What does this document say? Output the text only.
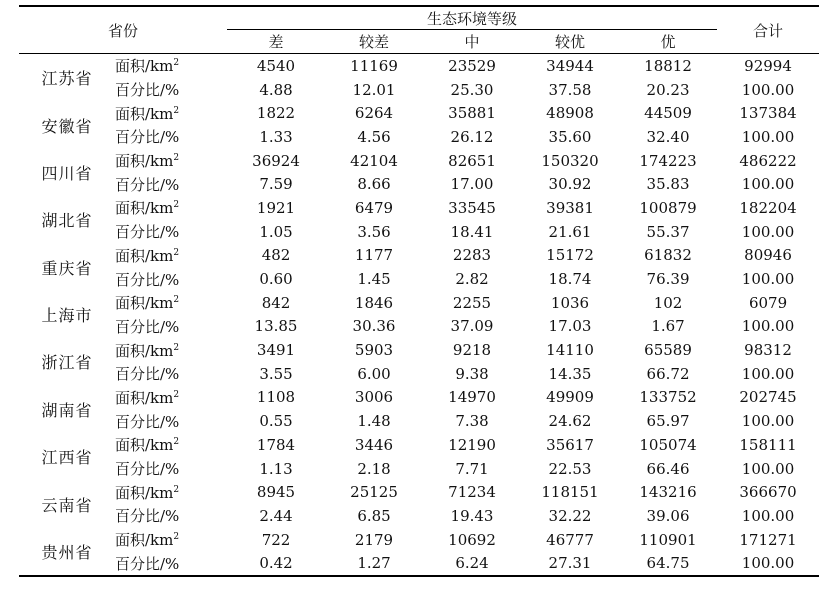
省份		生态环境等级					合计
		差	较差	中	较优	优	
江苏省	面积$/km^2$	4540	11169	23529	34944	18812	92994
	百分比/%	4.88	12.01	25.30	37.58	20.23	100.00
安徽省	面积$/km^2$	1822	6264	35881	48908	44509	137384
	百分比/%	1.33	4.56	26.12	35.60	32.40	100.00
四川省	面积$/km^2$	36924	42104	82651	150320	174223	486222
	百分比/%	7.59	8.66	17.00	30.92	35.83	100.00
湖北省	面积$/km^2$	1921	6479	33545	39381	100879	182204
	百分比/%	1.05	3.56	18.41	21.61	55.37	100.00
重庆省	面积$/km^2$	482	1177	2283	15172	61832	80946
	百分比/%	0.60	1.45	2.82	18.74	76.39	100.00
上海市	面积$/km^2$	842	1846	2255	1036	102	6079
	百分比/%	13.85	30.36	37.09	17.03	1.67	100.00
浙江省	面积$/km^2$	3491	5903	9218	14110	65589	98312
	百分比/%	3.55	6.00	9.38	14.35	66.72	100.00
湖南省	面积$/km^2$	1108	3006	14970	49909	133752	202745
	百分比/%	0.55	1.48	7.38	24.62	65.97	100.00
江西省	面积$/km^2$	1784	3446	12190	35617	105074	158111
	百分比/%	1.13	2.18	7.71	22.53	66.46	100.00
云南省	面积$/km^2$	8945	25125	71234	118151	143216	366670
	百分比/%	2.44	6.85	19.43	32.22	39.06	100.00
贵州省	面积$/km^2$	722	2179	10692	46777	110901	171271
	百分比/%	0.42	1.27	6.24	27.31	64.75	100.00
